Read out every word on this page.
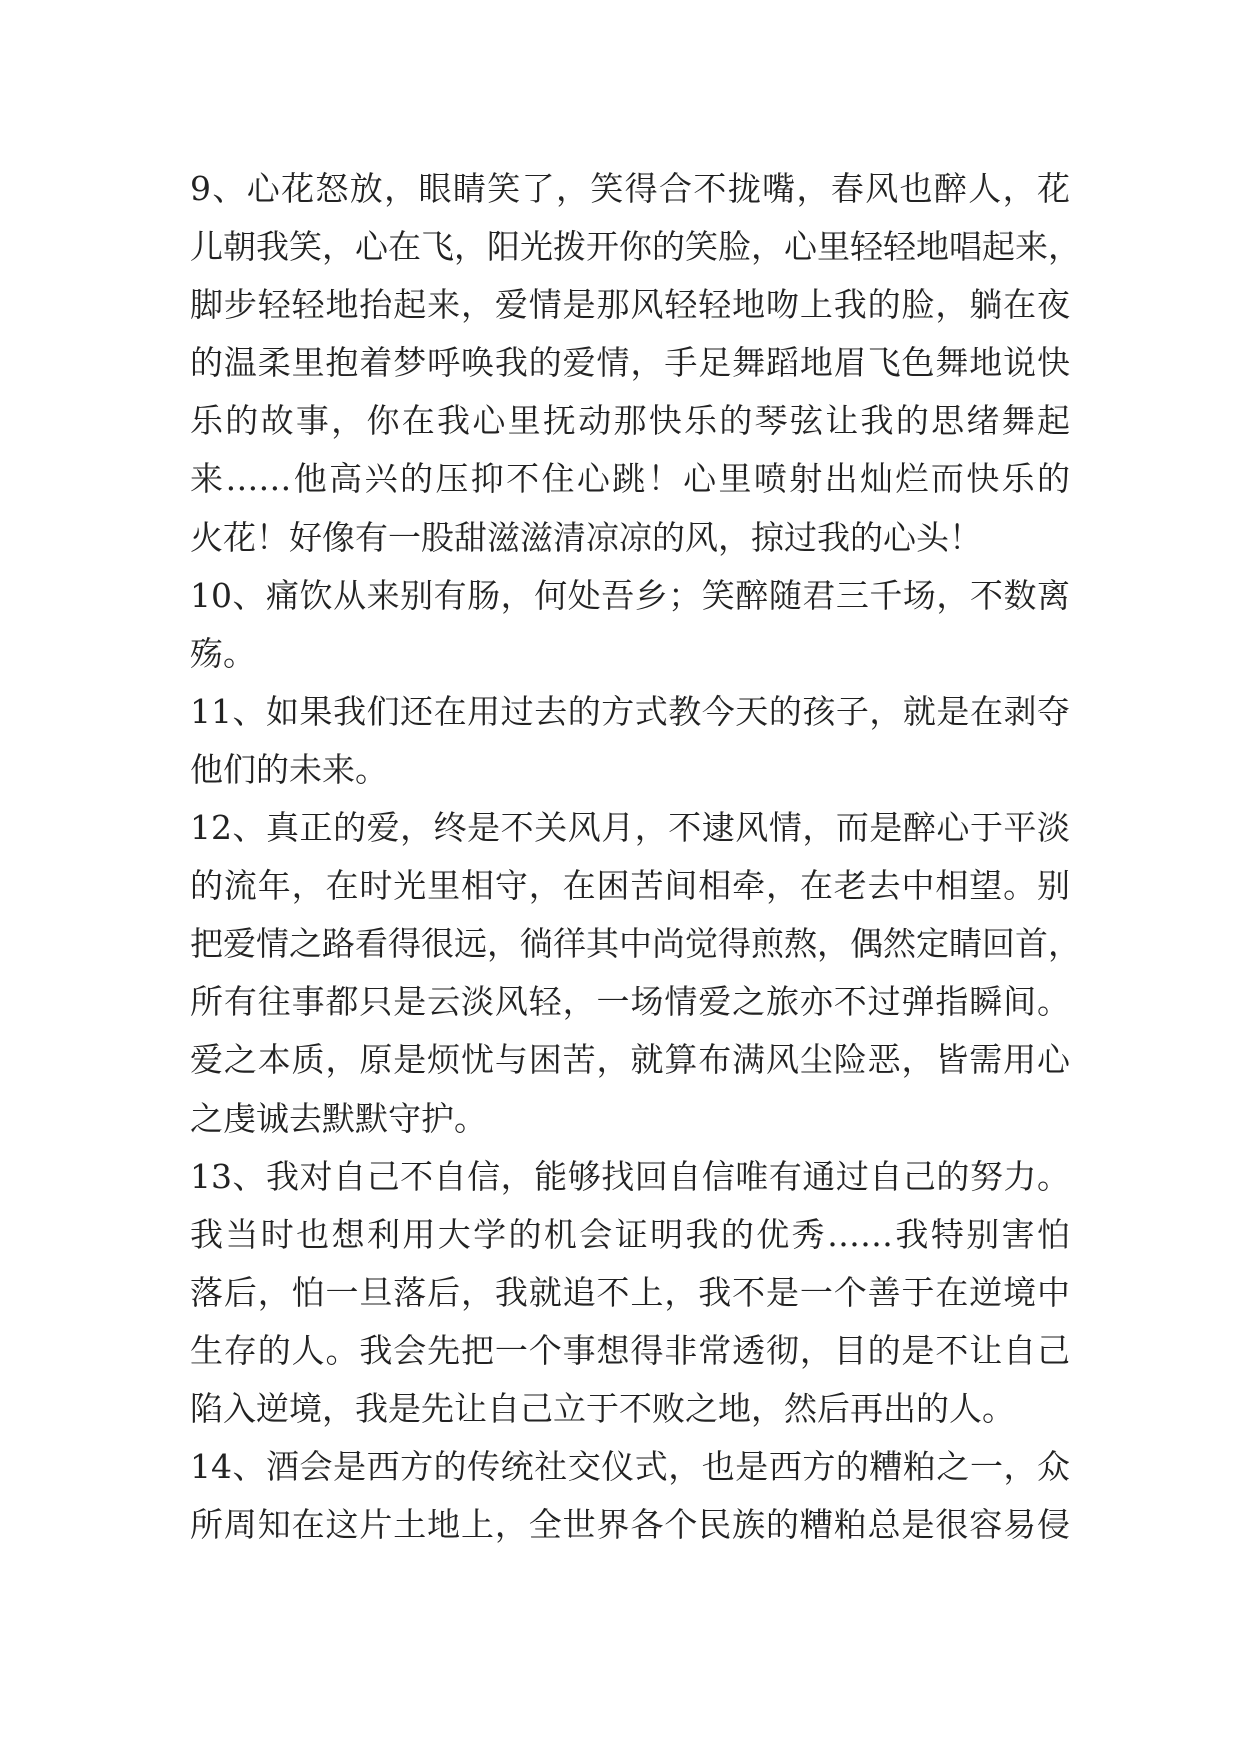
9、心花怒放，眼睛笑了，笑得合不拢嘴，春风也醉人，花
儿朝我笑，心在飞，阳光拨开你的笑脸，心里轻轻地唱起来，
脚步轻轻地抬起来，爱情是那风轻轻地吻上我的脸，躺在夜
的温柔里抱着梦呼唤我的爱情，手足舞蹈地眉飞色舞地说快
乐的故事，你在我心里抚动那快乐的琴弦让我的思绪舞起
来……他高兴的压抑不住心跳！心里喷射出灿烂而快乐的
火花！好像有一股甜滋滋清凉凉的风，掠过我的心头！
10、痛饮从来别有肠，何处吾乡；笑醉随君三千场，不数离
殇。
11、如果我们还在用过去的方式教今天的孩子，就是在剥夺
他们的未来。
12、真正的爱，终是不关风月，不逮风情，而是醉心于平淡
的流年，在时光里相守，在困苦间相牵，在老去中相望。别
把爱情之路看得很远，徜徉其中尚觉得煎熬，偶然定睛回首，
所有往事都只是云淡风轻，一场情爱之旅亦不过弹指瞬间。
爱之本质，原是烦忧与困苦，就算布满风尘险恶，皆需用心
之虔诚去默默守护。
13、我对自己不自信，能够找回自信唯有通过自己的努力。
我当时也想利用大学的机会证明我的优秀……我特别害怕
落后，怕一旦落后，我就追不上，我不是一个善于在逆境中
生存的人。我会先把一个事想得非常透彻，目的是不让自己
陷入逆境，我是先让自己立于不败之地，然后再出的人。
14、酒会是西方的传统社交仪式，也是西方的糟粕之一，众
所周知在这片土地上，全世界各个民族的糟粕总是很容易侵
